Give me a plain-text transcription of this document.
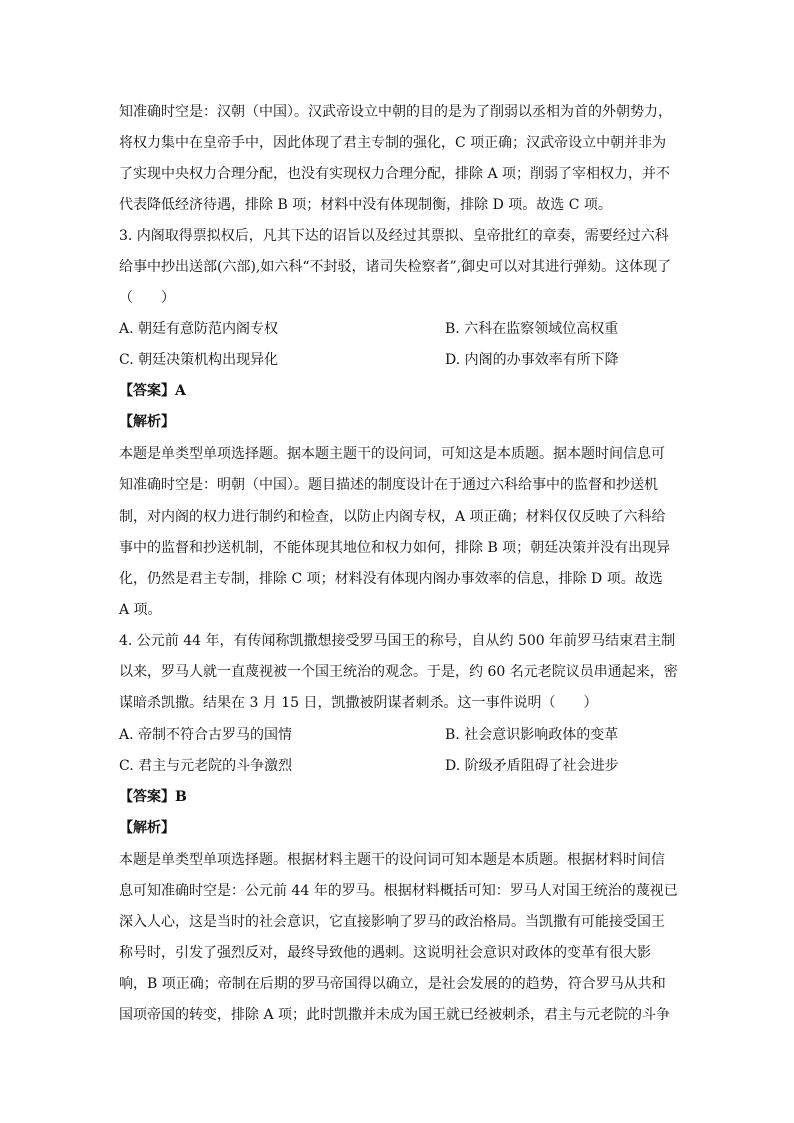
知准确时空是：汉朝（中国）。汉武帝设立中朝的目的是为了削弱以丞相为首的外朝势力，
将权力集中在皇帝手中，因此体现了君主专制的强化，C 项正确；汉武帝设立中朝并非为
了实现中央权力合理分配，也没有实现权力合理分配，排除 A 项；削弱了宰相权力，并不
代表降低经济待遇，排除 B 项；材料中没有体现制衡，排除 D 项。故选 C 项。
3. 内阁取得票拟权后，凡其下达的诏旨以及经过其票拟、皇帝批红的章奏，需要经过六科
给事中抄出送部(六部),如六科“不封驳，诸司失检察者”,御史可以对其进行弹劾。这体现了
（　　）
A. 朝廷有意防范内阁专权	B. 六科在监察领域位高权重
C. 朝廷决策机构出现异化	D. 内阁的办事效率有所下降
【答案】A
【解析】
本题是单类型单项选择题。据本题主题干的设问词，可知这是本质题。据本题时间信息可
知准确时空是：明朝（中国）。题目描述的制度设计在于通过六科给事中的监督和抄送机
制，对内阁的权力进行制约和检查，以防止内阁专权，A 项正确；材料仅仅反映了六科给
事中的监督和抄送机制，不能体现其地位和权力如何，排除 B 项；朝廷决策并没有出现异
化，仍然是君主专制，排除 C 项；材料没有体现内阁办事效率的信息，排除 D 项。故选
A 项。
4. 公元前 44 年，有传闻称凯撒想接受罗马国王的称号，自从约 500 年前罗马结束君主制
以来，罗马人就一直蔑视被一个国王统治的观念。于是，约 60 名元老院议员串通起来，密
谋暗杀凯撒。结果在 3 月 15 日，凯撒被阴谋者刺杀。这一事件说明（　　）
A. 帝制不符合古罗马的国情	B. 社会意识影响政体的变革
C. 君主与元老院的斗争激烈	D. 阶级矛盾阻碍了社会进步
【答案】B
【解析】
本题是单类型单项选择题。根据材料主题干的设问词可知本题是本质题。根据材料时间信
息可知准确时空是：公元前 44 年的罗马。根据材料概括可知：罗马人对国王统治的蔑视已
深入人心，这是当时的社会意识，它直接影响了罗马的政治格局。当凯撒有可能接受国王
称号时，引发了强烈反对，最终导致他的遇刺。这说明社会意识对政体的变革有很大影
响，B 项正确；帝制在后期的罗马帝国得以确立，是社会发展的的趋势，符合罗马从共和
国项帝国的转变，排除 A 项；此时凯撒并未成为国王就已经被刺杀，君主与元老院的斗争
